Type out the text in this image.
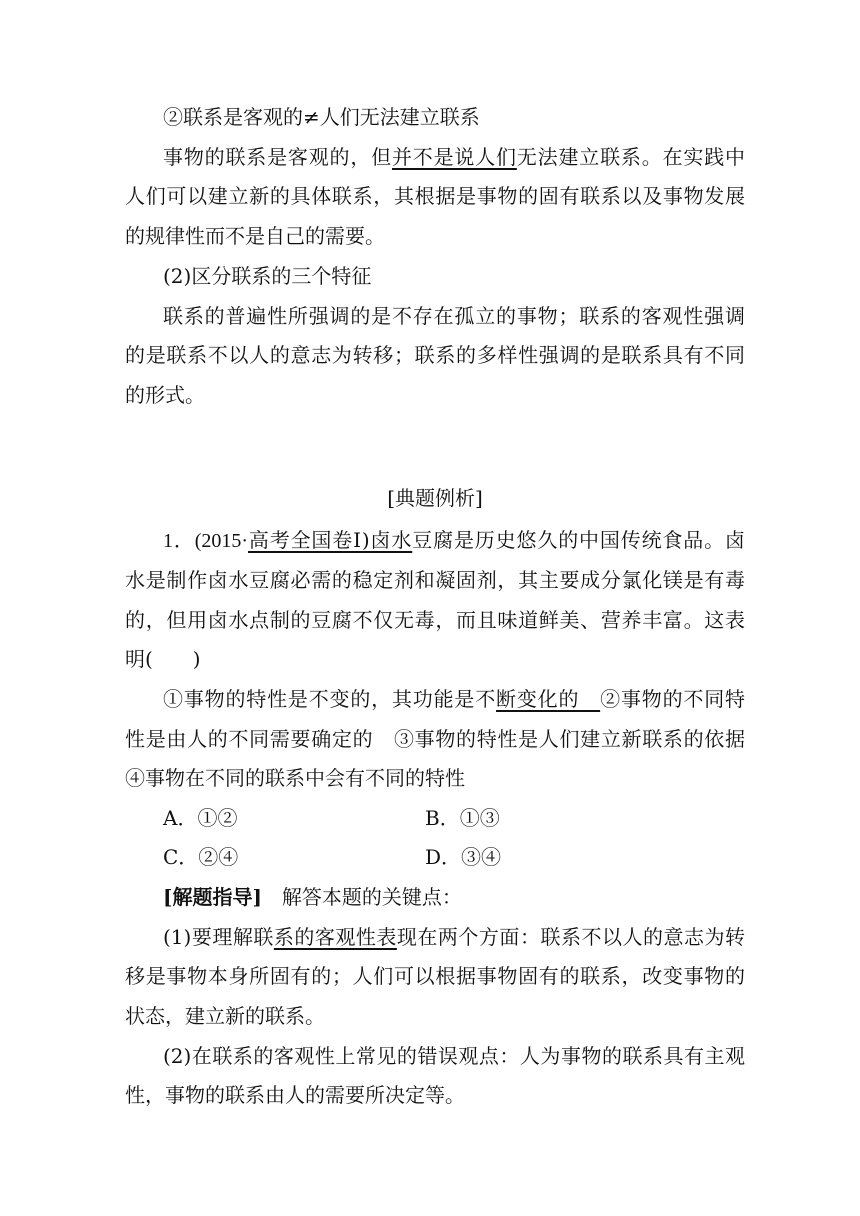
②联系是客观的≠人们无法建立联系
事物的联系是客观的，但并不是说人们无法建立联系。在实践中
人们可以建立新的具体联系，其根据是事物的固有联系以及事物发展
的规律性而不是自己的需要。
(2)区分联系的三个特征
联系的普遍性所强调的是不存在孤立的事物；联系的客观性强调
的是联系不以人的意志为转移；联系的多样性强调的是联系具有不同
的形式。
[典题例析]
1．(2015·高考全国卷Ⅰ)卤水豆腐是历史悠久的中国传统食品。卤
水是制作卤水豆腐必需的稳定剂和凝固剂，其主要成分氯化镁是有毒
的，但用卤水点制的豆腐不仅无毒，而且味道鲜美、营养丰富。这表
明(　　)
①事物的特性是不变的，其功能是不断变化的　②事物的不同特
性是由人的不同需要确定的　③事物的特性是人们建立新联系的依据
④事物在不同的联系中会有不同的特性
A．①②	B．①③
C．②④	D．③④
[解题指导]　解答本题的关键点：
(1)要理解联系的客观性表现在两个方面：联系不以人的意志为转
移是事物本身所固有的；人们可以根据事物固有的联系，改变事物的
状态，建立新的联系。
(2)在联系的客观性上常见的错误观点：人为事物的联系具有主观
性，事物的联系由人的需要所决定等。
